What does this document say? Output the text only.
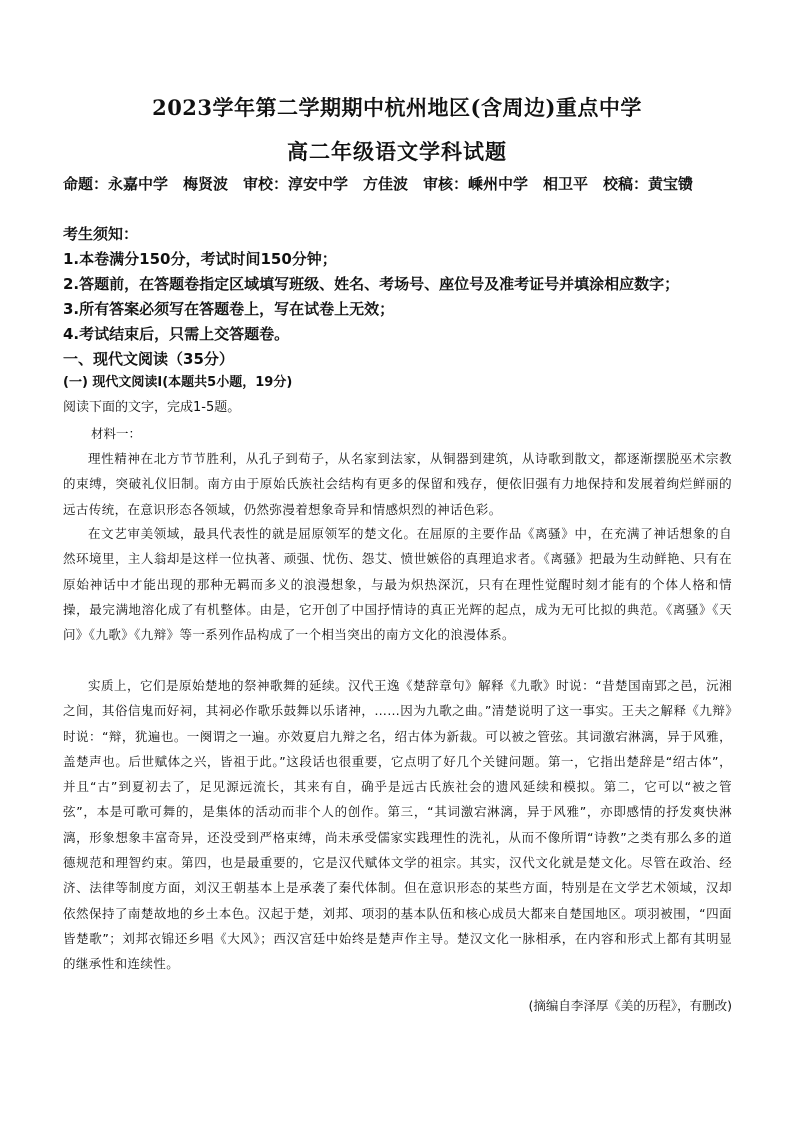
2023学年第二学期期中杭州地区(含周边)重点中学
高二年级语文学科试题
命题：永嘉中学　梅贤波　审校：淳安中学　方佳波　审核：嵊州中学　相卫平　校稿：黄宝镄
考生须知：
1.本卷满分150分，考试时间150分钟；
2.答题前，在答题卷指定区域填写班级、姓名、考场号、座位号及准考证号并填涂相应数字；
3.所有答案必须写在答题卷上，写在试卷上无效；
4.考试结束后，只需上交答题卷。
一、现代文阅读（35分）
(一) 现代文阅读Ⅰ(本题共5小题，19分)
阅读下面的文字，完成1-5题。
材料一：
理性精神在北方节节胜利，从孔子到荀子，从名家到法家，从铜器到建筑，从诗歌到散文，都逐渐摆脱巫术宗教的束缚，突破礼仪旧制。南方由于原始氏族社会结构有更多的保留和残存，便依旧强有力地保持和发展着绚烂鲜丽的远古传统，在意识形态各领域，仍然弥漫着想象奇异和情感炽烈的神话色彩。
在文艺审美领域，最具代表性的就是屈原领军的楚文化。在屈原的主要作品《离骚》中，在充满了神话想象的自然环境里，主人翁却是这样一位执著、顽强、忧伤、怨艾、愤世嫉俗的真理追求者。《离骚》把最为生动鲜艳、只有在原始神话中才能出现的那种无羁而多义的浪漫想象，与最为炽热深沉，只有在理性觉醒时刻才能有的个体人格和情操，最完满地溶化成了有机整体。由是，它开创了中国抒情诗的真正光辉的起点，成为无可比拟的典范。《离骚》《天问》《九歌》《九辩》等一系列作品构成了一个相当突出的南方文化的浪漫体系。
实质上，它们是原始楚地的祭神歌舞的延续。汉代王逸《楚辞章句》解释《九歌》时说：“昔楚国南郢之邑，沅湘之间，其俗信鬼而好祠，其祠必作歌乐鼓舞以乐诸神，……因为九歌之曲。”清楚说明了这一事实。王夫之解释《九辩》时说：“辩，犹遍也。一阕谓之一遍。亦效夏启九辩之名，绍古体为新裁。可以被之管弦。其词激宕淋漓，异于风雅，盖楚声也。后世赋体之兴，皆祖于此。”这段话也很重要，它点明了好几个关键问题。第一，它指出楚辞是“绍古体”，并且“古”到夏初去了，足见源远流长，其来有自，确乎是远古氏族社会的遗风延续和模拟。第二，它可以“被之管弦”，本是可歌可舞的，是集体的活动而非个人的创作。第三，“其词激宕淋漓，异于风雅”，亦即感情的抒发爽快淋漓，形象想象丰富奇异，还没受到严格束缚，尚未承受儒家实践理性的洗礼，从而不像所谓“诗教”之类有那么多的道德规范和理智约束。第四，也是最重要的，它是汉代赋体文学的祖宗。其实，汉代文化就是楚文化。尽管在政治、经济、法律等制度方面，刘汉王朝基本上是承袭了秦代体制。但在意识形态的某些方面，特别是在文学艺术领域，汉却依然保持了南楚故地的乡土本色。汉起于楚，刘邦、项羽的基本队伍和核心成员大都来自楚国地区。项羽被围，“四面皆楚歌”；刘邦衣锦还乡唱《大风》；西汉宫廷中始终是楚声作主导。楚汉文化一脉相承，在内容和形式上都有其明显的继承性和连续性。
(摘编自李泽厚《美的历程》，有删改)
